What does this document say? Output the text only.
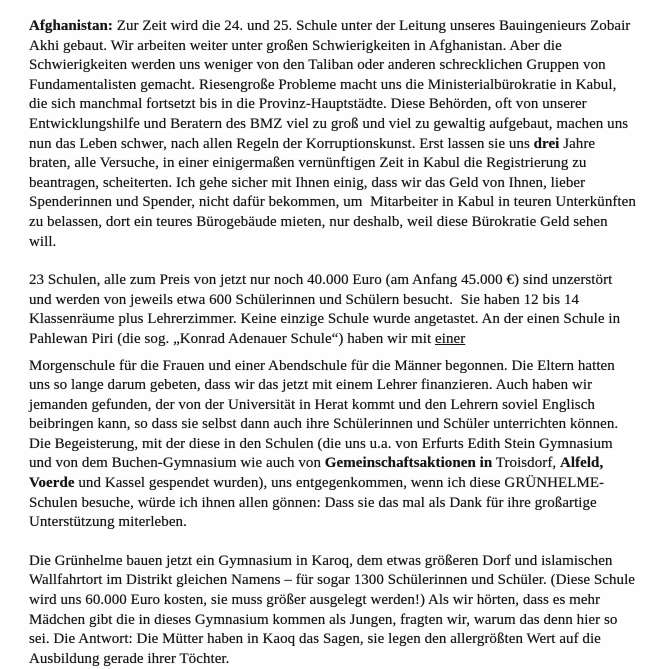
Afghanistan: Zur Zeit wird die 24. und 25. Schule unter der Leitung unseres Bauingenieurs Zobair Akhi gebaut. Wir arbeiten weiter unter großen Schwierigkeiten in Afghanistan. Aber die Schwierigkeiten werden uns weniger von den Taliban oder anderen schrecklichen Gruppen von Fundamentalisten gemacht. Riesengroße Probleme macht uns die Ministerialbürokratie in Kabul, die sich manchmal fortsetzt bis in die Provinz-Hauptstädte. Diese Behörden, oft von unserer Entwicklungshilfe und Beratern des BMZ viel zu groß und viel zu gewaltig aufgebaut, machen uns nun das Leben schwer, nach allen Regeln der Korruptionskunst. Erst lassen sie uns drei Jahre braten, alle Versuche, in einer einigermaßen vernünftigen Zeit in Kabul die Registrierung zu beantragen, scheiterten. Ich gehe sicher mit Ihnen einig, dass wir das Geld von Ihnen, lieber Spenderinnen und Spender, nicht dafür bekommen, um  Mitarbeiter in Kabul in teuren Unterkünften zu belassen, dort ein teures Bürogebäude mieten, nur deshalb, weil diese Bürokratie Geld sehen will.

23 Schulen, alle zum Preis von jetzt nur noch 40.000 Euro (am Anfang 45.000 €) sind unzerstört und werden von jeweils etwa 600 Schülerinnen und Schülern besucht.  Sie haben 12 bis 14 Klassenräume plus Lehrerzimmer. Keine einzige Schule wurde angetastet. An der einen Schule in Pahlewan Piri (die sog. „Konrad Adenauer Schule“) haben wir mit einer

Morgenschule für die Frauen und einer Abendschule für die Männer begonnen. Die Eltern hatten uns so lange darum gebeten, dass wir das jetzt mit einem Lehrer finanzieren. Auch haben wir jemanden gefunden, der von der Universität in Herat kommt und den Lehrern soviel Englisch beibringen kann, so dass sie selbst dann auch ihre Schülerinnen und Schüler unterrichten können. Die Begeisterung, mit der diese in den Schulen (die uns u.a. von Erfurts Edith Stein Gymnasium und von dem Buchen-Gymnasium wie auch von Gemeinschaftsaktionen in Troisdorf, Alfeld, Voerde und Kassel gespendet wurden), uns entgegenkommen, wenn ich diese GRÜNHELME-Schulen besuche, würde ich ihnen allen gönnen: Dass sie das mal als Dank für ihre großartige Unterstützung miterleben.

Die Grünhelme bauen jetzt ein Gymnasium in Karoq, dem etwas größeren Dorf und islamischen Wallfahrtort im Distrikt gleichen Namens – für sogar 1300 Schülerinnen und Schüler. (Diese Schule wird uns 60.000 Euro kosten, sie muss größer ausgelegt werden!) Als wir hörten, dass es mehr Mädchen gibt die in dieses Gymnasium kommen als Jungen, fragten wir, warum das denn hier so sei. Die Antwort: Die Mütter haben in Kaoq das Sagen, sie legen den allergrößten Wert auf die Ausbildung gerade ihrer Töchter.
